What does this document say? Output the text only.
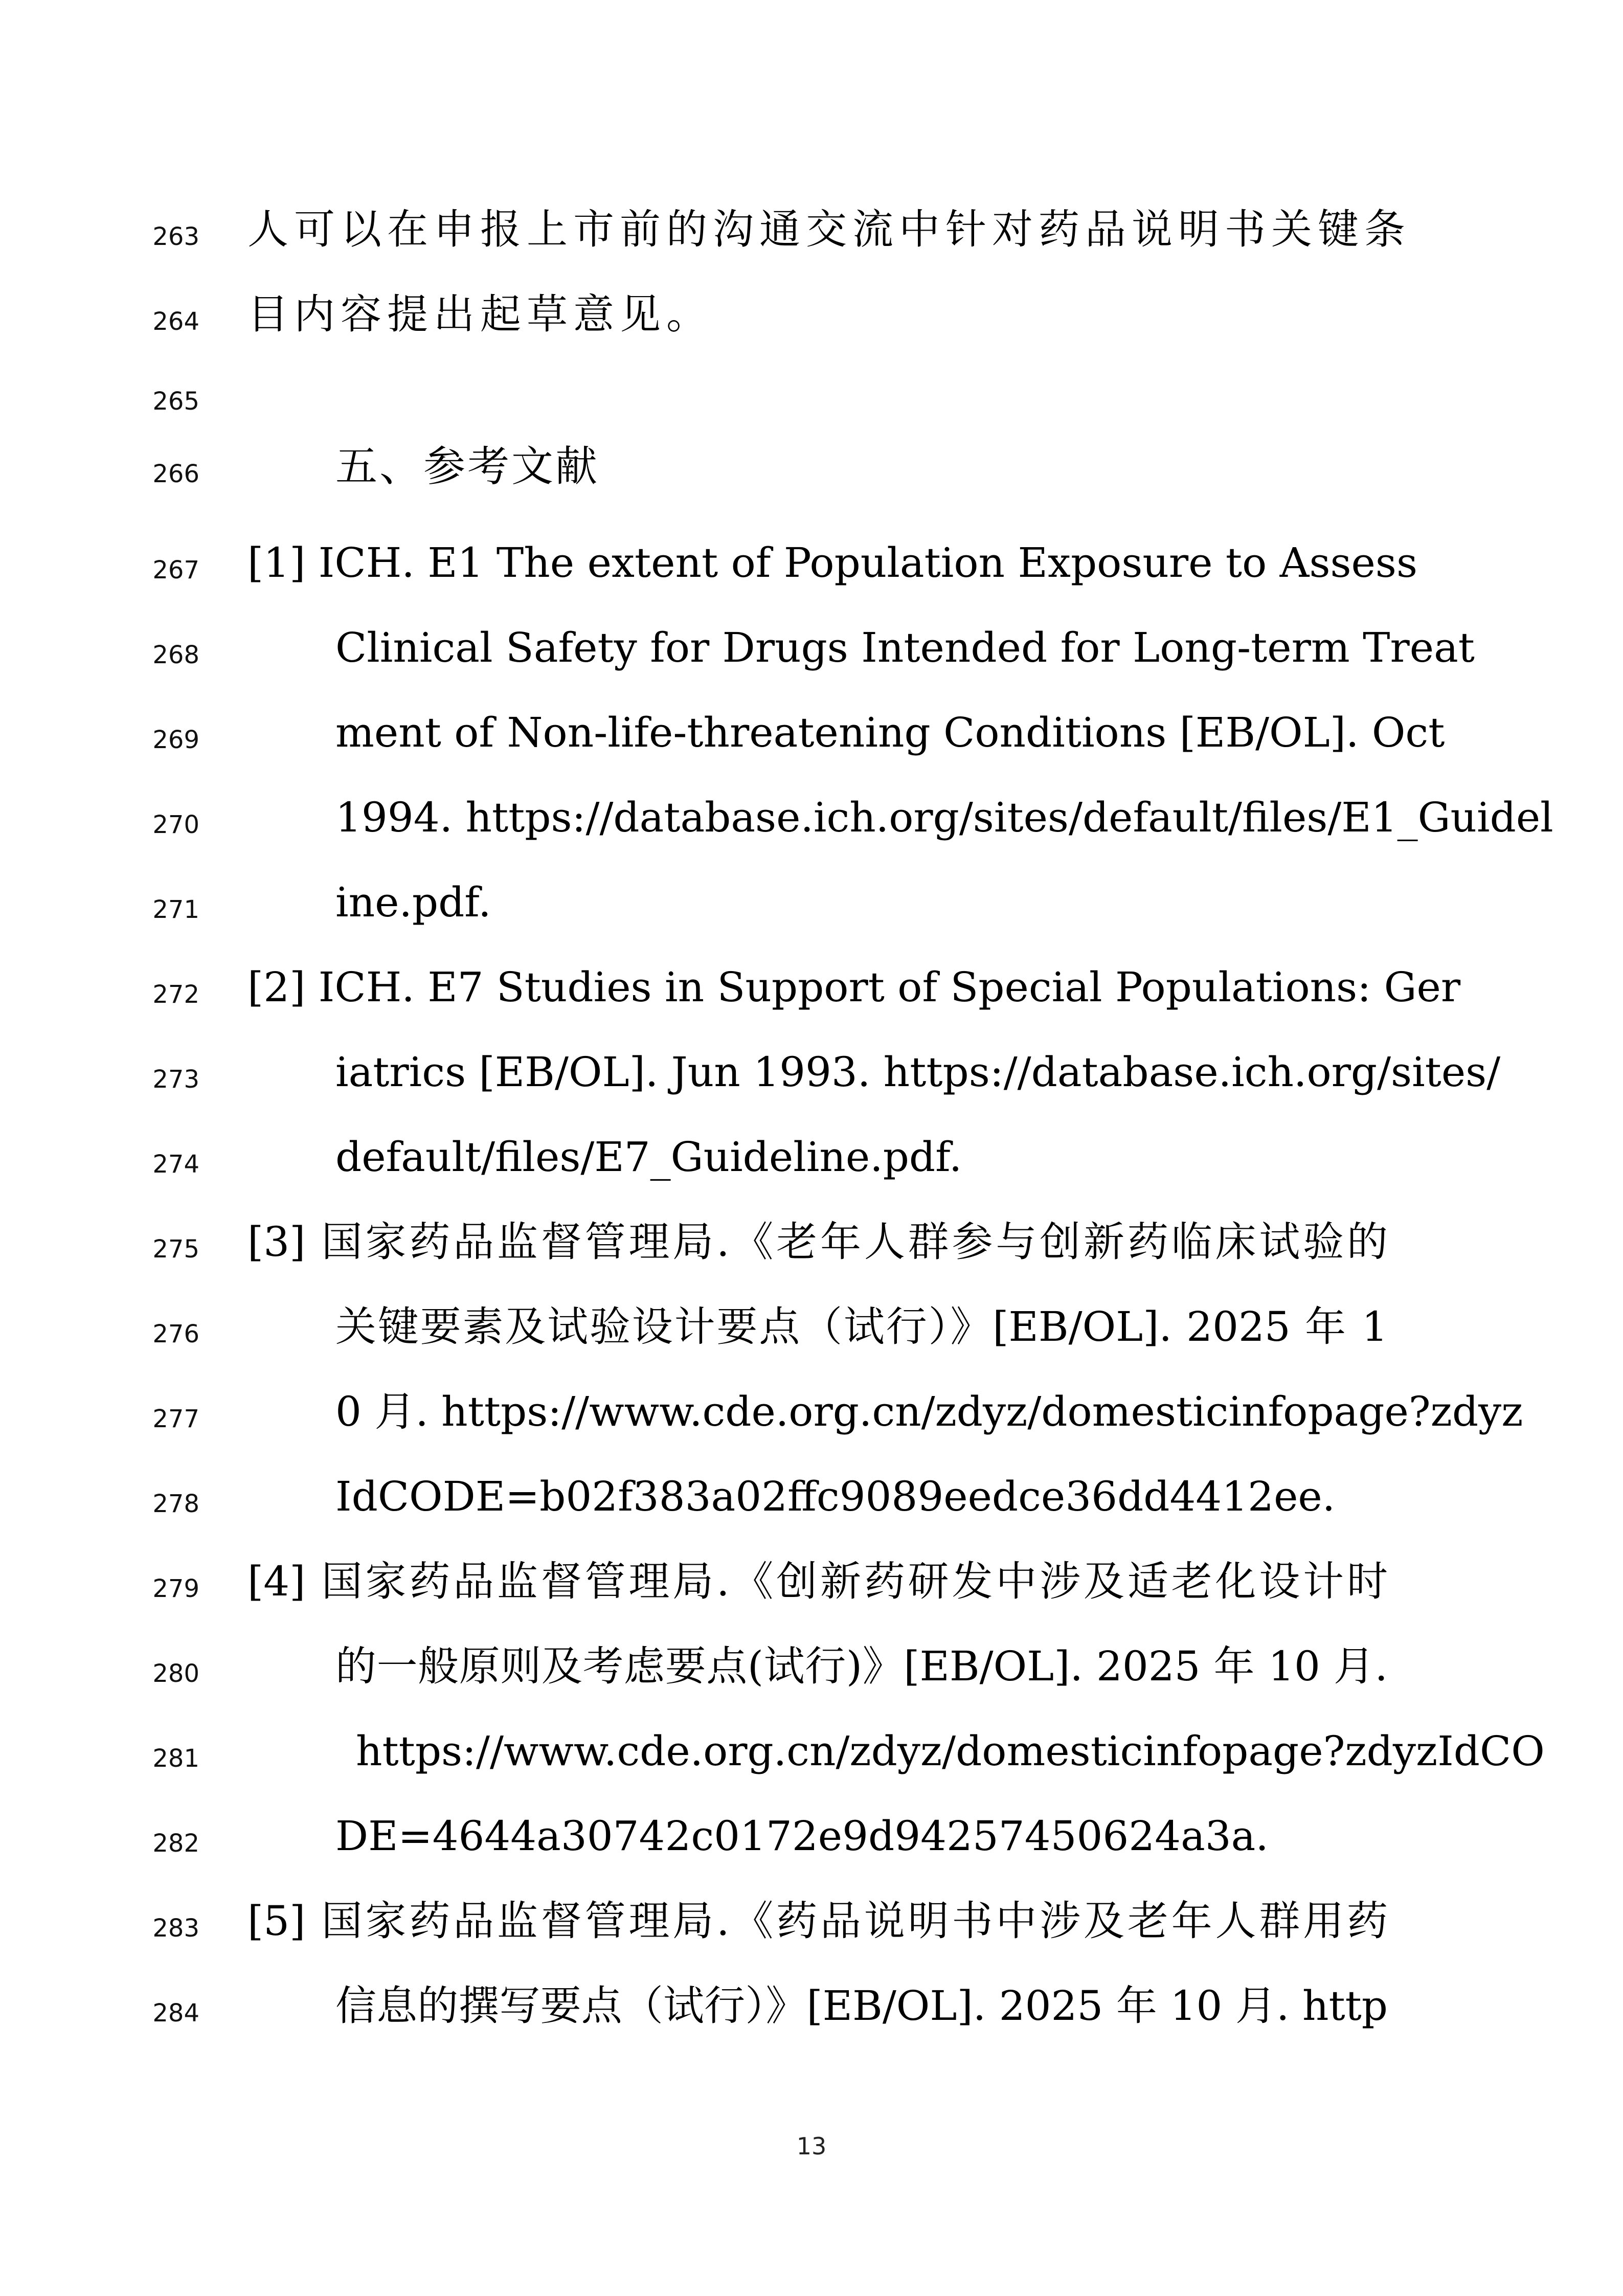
263 人可以在申报上市前的沟通交流中针对药品说明书关键条
264 目内容提出起草意见。
265
266	五、参考文献
267 [1] ICH. E1 The extent of Population Exposure to Assess
268	Clinical Safety for Drugs Intended for Long-term Treat
269	ment of Non-life-threatening Conditions [EB/OL]. Oct
270	1994. https://database.ich.org/sites/default/files/E1_Guidel
271	ine.pdf.
272 [2] ICH. E7 Studies in Support of Special Populations: Ger
273	iatrics [EB/OL]. Jun 1993. https://database.ich.org/sites/
274	default/files/E7_Guideline.pdf.
275 [3] 国家药品监督管理局.《老年人群参与创新药临床试验的
276	关键要素及试验设计要点（试行）》[EB/OL]. 2025 年 1
277	0 月. https://www.cde.org.cn/zdyz/domesticinfopage?zdyz
278	IdCODE=b02f383a02ffc9089eedce36dd4412ee.
279 [4] 国家药品监督管理局.《创新药研发中涉及适老化设计时
280	的一般原则及考虑要点(试行)》[EB/OL]. 2025 年 10 月.
281	https://www.cde.org.cn/zdyz/domesticinfopage?zdyzIdCO
282	DE=4644a30742c0172e9d94257450624a3a.
283 [5] 国家药品监督管理局.《药品说明书中涉及老年人群用药
284	信息的撰写要点（试行）》[EB/OL]. 2025 年 10 月. http
13
